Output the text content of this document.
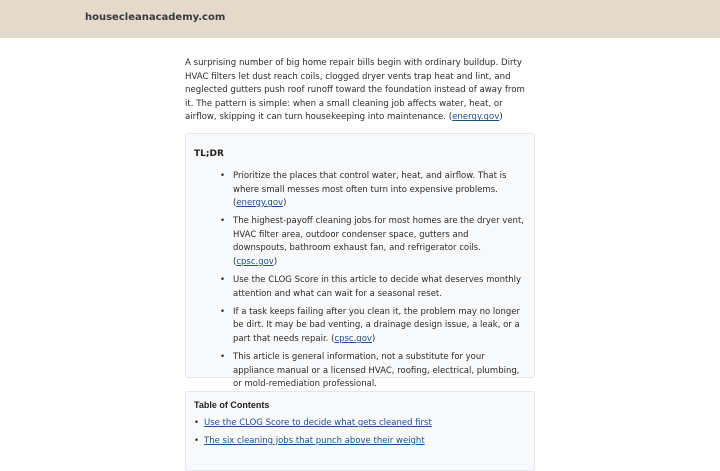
housecleanacademy.com

A surprising number of big home repair bills begin with ordinary buildup. Dirty HVAC filters let dust reach coils, clogged dryer vents trap heat and lint, and neglected gutters push roof runoff toward the foundation instead of away from it. The pattern is simple: when a small cleaning job affects water, heat, or airflow, skipping it can turn housekeeping into maintenance. (energy.gov)

TL;DR
• Prioritize the places that control water, heat, and airflow. That is where small messes most often turn into expensive problems. (energy.gov)
• The highest-payoff cleaning jobs for most homes are the dryer vent, HVAC filter area, outdoor condenser space, gutters and downspouts, bathroom exhaust fan, and refrigerator coils. (cpsc.gov)
• Use the CLOG Score in this article to decide what deserves monthly attention and what can wait for a seasonal reset.
• If a task keeps failing after you clean it, the problem may no longer be dirt. It may be bad venting, a drainage design issue, a leak, or a part that needs repair. (cpsc.gov)
• This article is general information, not a substitute for your appliance manual or a licensed HVAC, roofing, electrical, plumbing, or mold-remediation professional.
Table of Contents
• Use the CLOG Score to decide what gets cleaned first
• The six cleaning jobs that punch above their weight
